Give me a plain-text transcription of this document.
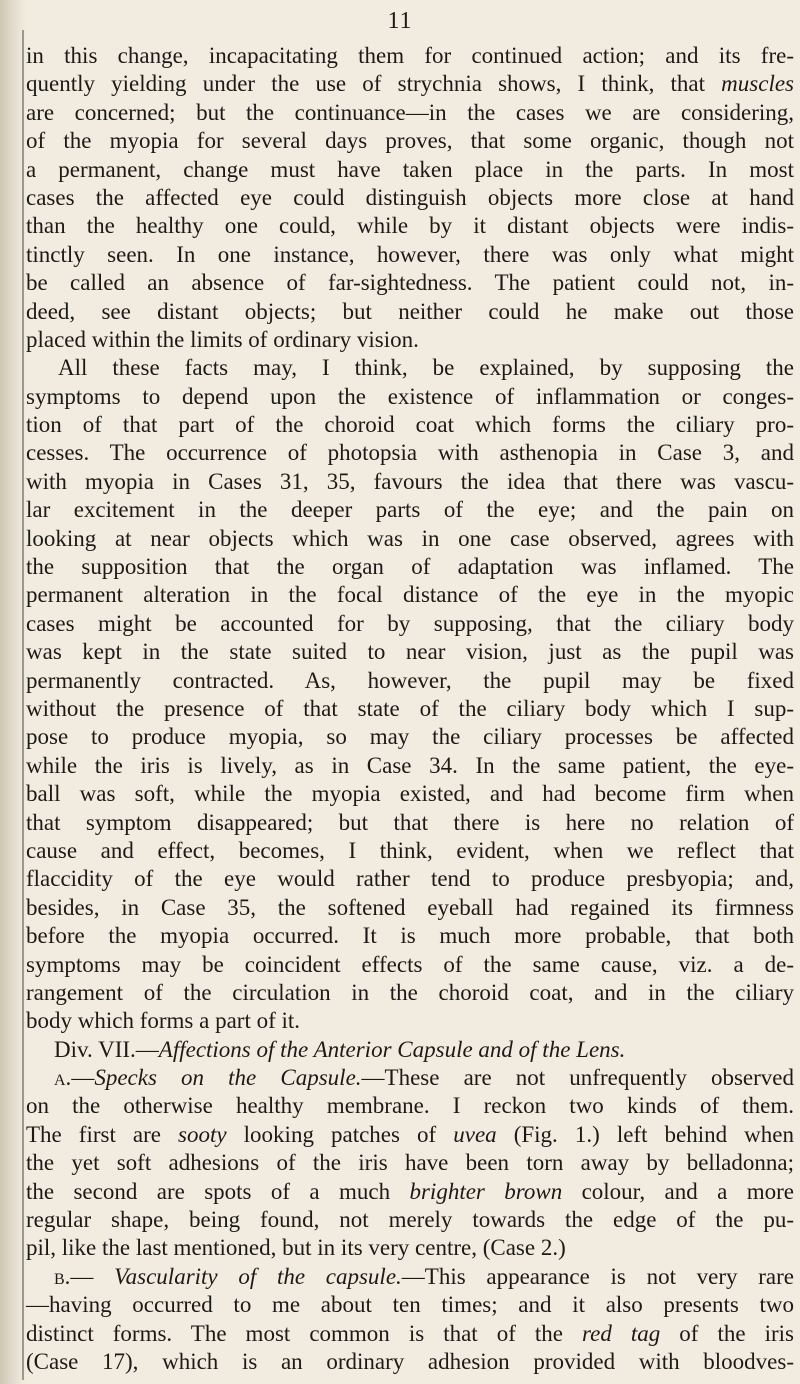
11
in this change, incapacitating them for continued action; and its fre-
quently yielding under the use of strychnia shows, I think, that muscles
are concerned; but the continuance—in the cases we are considering,
of the myopia for several days proves, that some organic, though not
a permanent, change must have taken place in the parts. In most
cases the affected eye could distinguish objects more close at hand
than the healthy one could, while by it distant objects were indis-
tinctly seen. In one instance, however, there was only what might
be called an absence of far-sightedness. The patient could not, in-
deed, see distant objects; but neither could he make out those
placed within the limits of ordinary vision.
All these facts may, I think, be explained, by supposing the
symptoms to depend upon the existence of inflammation or conges-
tion of that part of the choroid coat which forms the ciliary pro-
cesses. The occurrence of photopsia with asthenopia in Case 3, and
with myopia in Cases 31, 35, favours the idea that there was vascu-
lar excitement in the deeper parts of the eye; and the pain on
looking at near objects which was in one case observed, agrees with
the supposition that the organ of adaptation was inflamed. The
permanent alteration in the focal distance of the eye in the myopic
cases might be accounted for by supposing, that the ciliary body
was kept in the state suited to near vision, just as the pupil was
permanently contracted. As, however, the pupil may be fixed
without the presence of that state of the ciliary body which I sup-
pose to produce myopia, so may the ciliary processes be affected
while the iris is lively, as in Case 34. In the same patient, the eye-
ball was soft, while the myopia existed, and had become firm when
that symptom disappeared; but that there is here no relation of
cause and effect, becomes, I think, evident, when we reflect that
flaccidity of the eye would rather tend to produce presbyopia; and,
besides, in Case 35, the softened eyeball had regained its firmness
before the myopia occurred. It is much more probable, that both
symptoms may be coincident effects of the same cause, viz. a de-
rangement of the circulation in the choroid coat, and in the ciliary
body which forms a part of it.
Div. VII.—Affections of the Anterior Capsule and of the Lens.
a.—Specks on the Capsule.—These are not unfrequently observed
on the otherwise healthy membrane. I reckon two kinds of them.
The first are sooty looking patches of uvea (Fig. 1.) left behind when
the yet soft adhesions of the iris have been torn away by belladonna;
the second are spots of a much brighter brown colour, and a more
regular shape, being found, not merely towards the edge of the pu-
pil, like the last mentioned, but in its very centre, (Case 2.)
b.— Vascularity of the capsule.—This appearance is not very rare
—having occurred to me about ten times; and it also presents two
distinct forms. The most common is that of the red tag of the iris
(Case 17), which is an ordinary adhesion provided with bloodves-
